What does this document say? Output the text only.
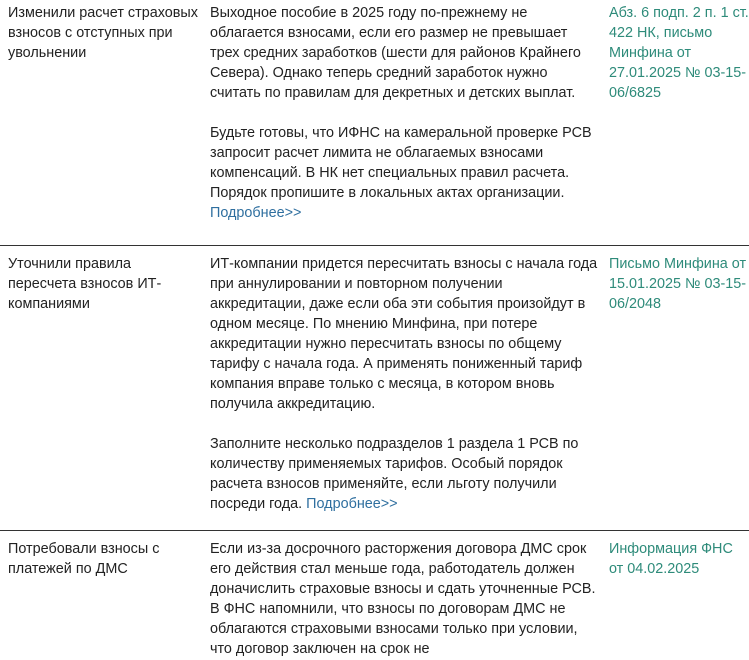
Изменили расчет страховых взносов с отступных при увольнении

Выходное пособие в 2025 году по-прежнему не облагается взносами, если его размер не превышает трех средних заработков (шести для районов Крайнего Севера). Однако теперь средний заработок нужно считать по правилам для декретных и детских выплат.

Будьте готовы, что ИФНС на камеральной проверке РСВ запросит расчет лимита не облагаемых взносами компенсаций. В НК нет специальных правил расчета. Порядок пропишите в локальных актах организации. Подробнее>>

Абз. 6 подп. 2 п. 1 ст. 422 НК, письмо Минфина от 27.01.2025 № 03-15-06/6825
Уточнили правила пересчета взносов ИТ-компаниями

ИТ-компании придется пересчитать взносы с начала года при аннулировании и повторном получении аккредитации, даже если оба эти события произойдут в одном месяце. По мнению Минфина, при потере аккредитации нужно пересчитать взносы по общему тарифу с начала года. А применять пониженный тариф компания вправе только с месяца, в котором вновь получила аккредитацию.

Заполните несколько подразделов 1 раздела 1 РСВ по количеству применяемых тарифов. Особый порядок расчета взносов применяйте, если льготу получили посреди года. Подробнее>>

Письмо Минфина от 15.01.2025 № 03-15-06/2048
Потребовали взносы с платежей по ДМС

Если из-за досрочного расторжения договора ДМС срок его действия стал меньше года, работодатель должен доначислить страховые взносы и сдать уточненные РСВ. В ФНС напомнили, что взносы по договорам ДМС не облагаются страховыми взносами только при условии, что договор заключен на срок не

Информация ФНС от 04.02.2025
